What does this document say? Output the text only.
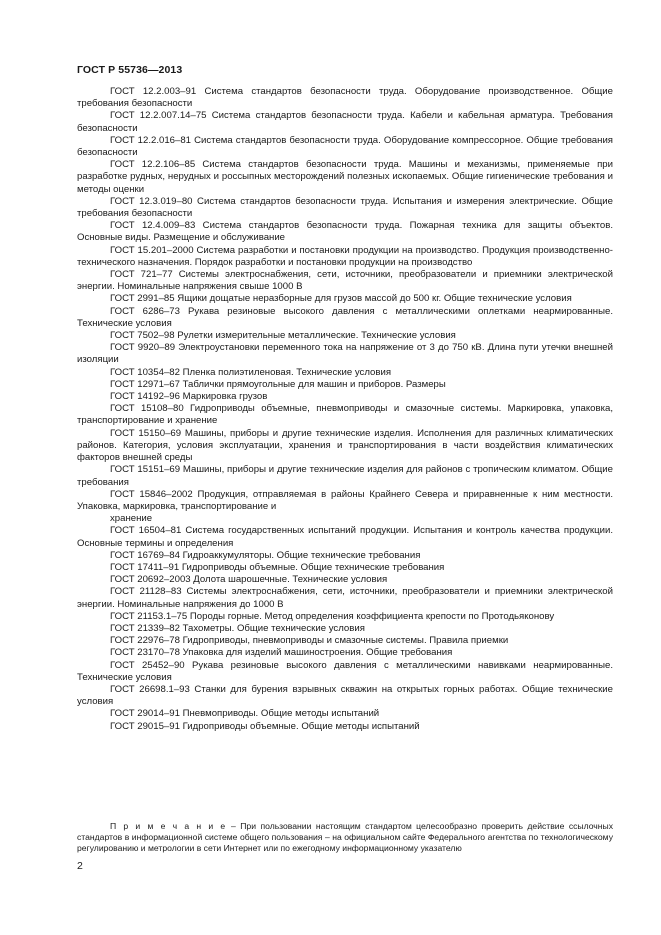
ГОСТ Р 55736—2013

ГОСТ 12.2.003–91 Система стандартов безопасности труда. Оборудование производственное. Общие требования безопасности

ГОСТ 12.2.007.14–75 Система стандартов безопасности труда. Кабели и кабельная арматура. Требования безопасности

ГОСТ 12.2.016–81 Система стандартов безопасности труда. Оборудование компрессорное. Общие требования безопасности

ГОСТ 12.2.106–85 Система стандартов безопасности труда. Машины и механизмы, применяемые при разработке рудных, нерудных и россыпных месторождений полезных ископаемых. Общие гигиенические требования и методы оценки

ГОСТ 12.3.019–80 Система стандартов безопасности труда. Испытания и измерения электрические. Общие требования безопасности

ГОСТ 12.4.009–83 Система стандартов безопасности труда. Пожарная техника для защиты объектов. Основные виды. Размещение и обслуживание

ГОСТ 15.201–2000 Система разработки и постановки продукции на производство. Продукция производственно-технического назначения. Порядок разработки и постановки продукции на производство

ГОСТ 721–77 Системы электроснабжения, сети, источники, преобразователи и приемники электрической энергии. Номинальные напряжения свыше 1000 В

ГОСТ 2991–85 Ящики дощатые неразборные для грузов массой до 500 кг. Общие технические условия

ГОСТ 6286–73 Рукава резиновые высокого давления с металлическими оплетками неармированные. Технические условия

ГОСТ 7502–98 Рулетки измерительные металлические. Технические условия

ГОСТ 9920–89 Электроустановки переменного тока на напряжение от 3 до 750 кВ. Длина пути утечки внешней изоляции

ГОСТ 10354–82 Пленка полиэтиленовая. Технические условия

ГОСТ 12971–67 Таблички прямоугольные для машин и приборов. Размеры

ГОСТ 14192–96 Маркировка грузов

ГОСТ 15108–80 Гидроприводы объемные, пневмоприводы и смазочные системы. Маркировка, упаковка, транспортирование и хранение

ГОСТ 15150–69 Машины, приборы и другие технические изделия. Исполнения для различных климатических районов. Категория, условия эксплуатации, хранения и транспортирования в части воздействия климатических факторов внешней среды

ГОСТ 15151–69 Машины, приборы и другие технические изделия для районов с тропическим климатом. Общие требования

ГОСТ 15846–2002 Продукция, отправляемая в районы Крайнего Севера и приравненные к ним местности. Упаковка, маркировка, транспортирование и

хранение

ГОСТ 16504–81 Система государственных испытаний продукции. Испытания и контроль качества продукции. Основные термины и определения

ГОСТ 16769–84 Гидроаккумуляторы. Общие технические требования

ГОСТ 17411–91 Гидроприводы объемные. Общие технические требования

ГОСТ 20692–2003 Долота шарошечные. Технические условия

ГОСТ 21128–83 Системы электроснабжения, сети, источники, преобразователи и приемники электрической энергии. Номинальные напряжения до 1000 В

ГОСТ 21153.1–75 Породы горные. Метод определения коэффициента крепости по Протодьяконову

ГОСТ 21339–82 Тахометры. Общие технические условия

ГОСТ 22976–78 Гидроприводы, пневмоприводы и смазочные системы. Правила приемки

ГОСТ 23170–78 Упаковка для изделий машиностроения. Общие требования

ГОСТ 25452–90 Рукава резиновые высокого давления с металлическими навивками неармированные. Технические условия

ГОСТ 26698.1–93 Станки для бурения взрывных скважин на открытых горных работах. Общие технические условия

ГОСТ 29014–91 Пневмоприводы. Общие методы испытаний

ГОСТ 29015–91 Гидроприводы объемные. Общие методы испытаний

П р и м е ч а н и е – При пользовании настоящим стандартом целесообразно проверить действие ссылочных стандартов в информационной системе общего пользования – на официальном сайте Федерального агентства по технологическому регулированию и метрологии в сети Интернет или по ежегодному информационному указателю
2
